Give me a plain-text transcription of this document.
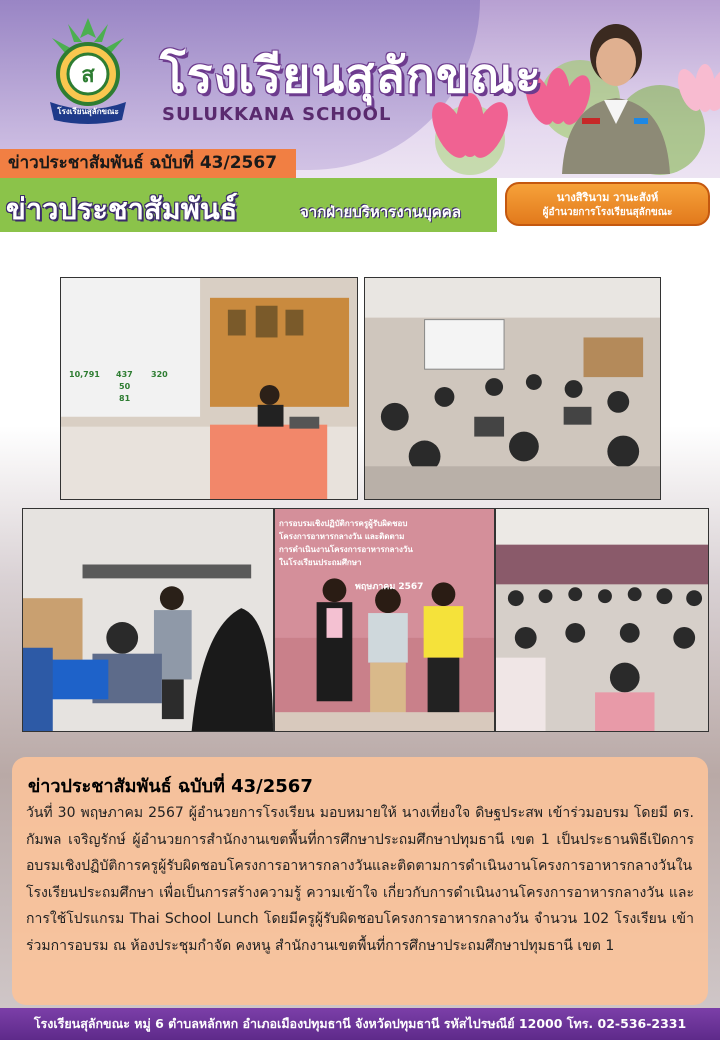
ส
โรงเรียนสุลักขณะ
โรงเรียนสุลักขณะ
SULUKKANA SCHOOL
ข่าวประชาสัมพันธ์ ฉบับที่ 43/2567
ข่าวประชาสัมพันธ์	จากฝ่ายบริหารงานบุคคล
นางสิรินาม วานะสังห์
ผู้อำนวยการโรงเรียนสุลักขณะ
10,791 437 320
50
81
การอบรมเชิงปฏิบัติการครูผู้รับผิดชอบ
โครงการอาหารกลางวัน และติดตาม
การดำเนินงานโครงการอาหารกลางวัน
ในโรงเรียนประถมศึกษา
พฤษภาคม 2567
ข่าวประชาสัมพันธ์ ฉบับที่ 43/2567
วันที่ 30 พฤษภาคม 2567 ผู้อำนวยการโรงเรียน มอบหมายให้ นางเที่ยงใจ ดิษฐประสพ เข้าร่วมอบรม โดยมี ดร. กัมพล เจริญรักษ์ ผู้อำนวยการสำนักงานเขตพื้นที่การศึกษาประถมศึกษาปทุมธานี เขต 1 เป็นประธานพิธีเปิดการอบรมเชิงปฏิบัติการครูผู้รับผิดชอบโครงการอาหารกลางวันและติดตามการดำเนินงานโครงการอาหารกลางวันในโรงเรียนประถมศึกษา เพื่อเป็นการสร้างความรู้ ความเข้าใจ เกี่ยวกับการดำเนินงานโครงการอาหารกลางวัน และการใช้โปรแกรม Thai School Lunch โดยมีครูผู้รับผิดชอบโครงการอาหารกลางวัน จำนวน 102 โรงเรียน เข้าร่วมการอบรม ณ ห้องประชุมกำจัด คงหนู สำนักงานเขตพื้นที่การศึกษาประถมศึกษาปทุมธานี เขต 1
โรงเรียนสุลักขณะ หมู่ 6 ตำบลหลักหก อำเภอเมืองปทุมธานี จังหวัดปทุมธานี รหัสไปรษณีย์ 12000 โทร. 02-536-2331
